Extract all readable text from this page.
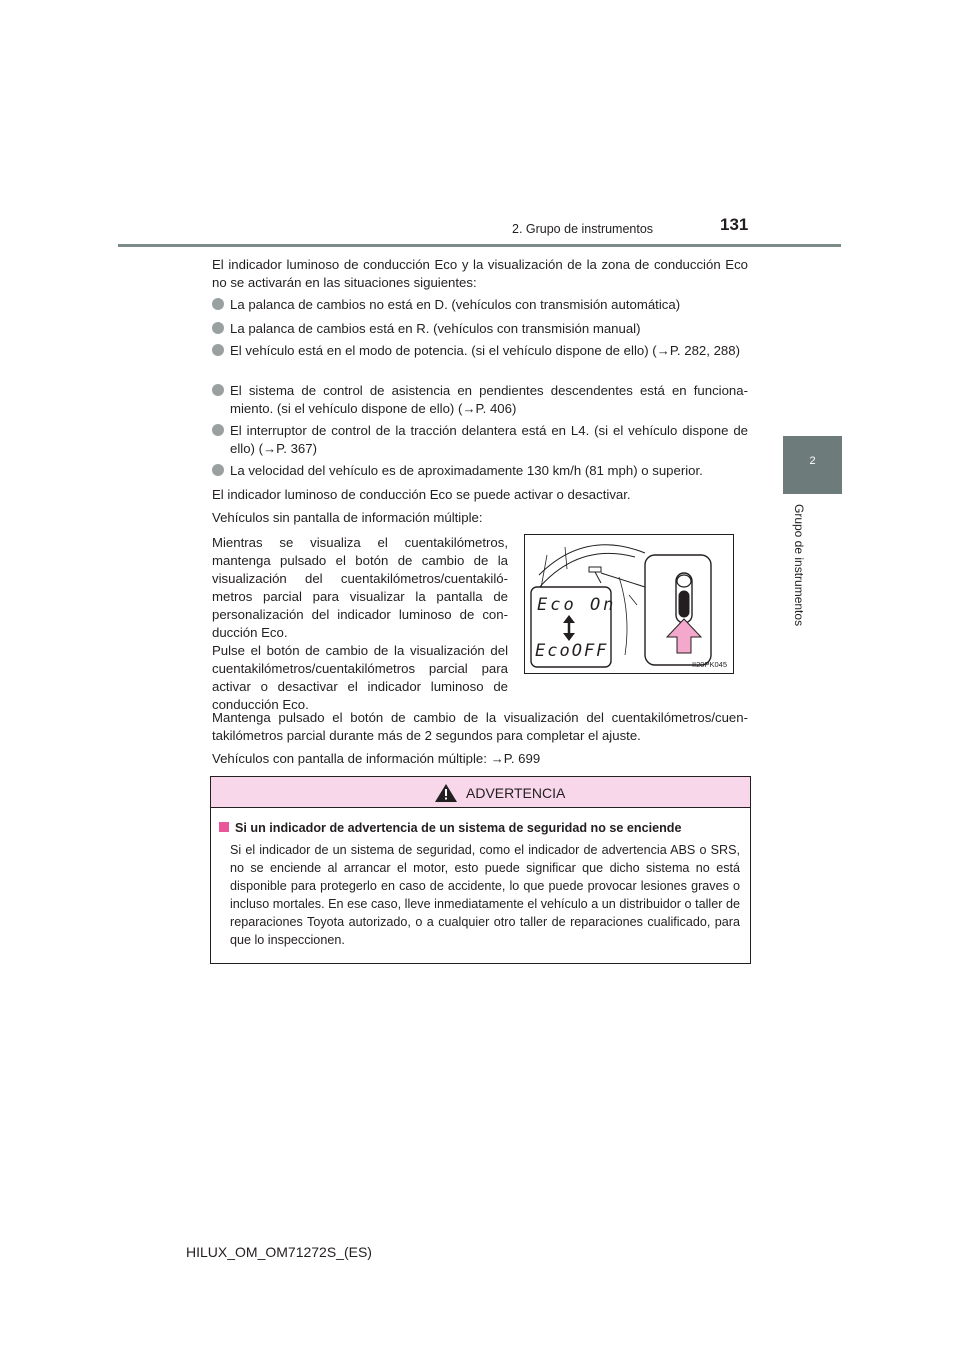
2. Grupo de instrumentos	131
2
Grupo de instrumentos
El indicador luminoso de conducción Eco y la visualización de la zona de conducción Eco no se activarán en las situaciones siguientes:
La palanca de cambios no está en D. (vehículos con transmisión automática)
La palanca de cambios está en R. (vehículos con transmisión manual)
El vehículo está en el modo de potencia. (si el vehículo dispone de ello) (→P. 282, 288)
El sistema de control de asistencia en pendientes descendentes está en funciona-miento. (si el vehículo dispone de ello) (→P. 406)
El interruptor de control de la tracción delantera está en L4. (si el vehículo dispone de ello) (→P. 367)
La velocidad del vehículo es de aproximadamente 130 km/h (81 mph) o superior.
El indicador luminoso de conducción Eco se puede activar o desactivar.
Vehículos sin pantalla de información múltiple:
Mientras se visualiza el cuentakilómetros, mantenga pulsado el botón de cambio de la visualización del cuentakilómetros/cuentakiló-metros parcial para visualizar la pantalla de personalización del indicador luminoso de con-ducción Eco.
Pulse el botón de cambio de la visualización del cuentakilómetros/cuentakilómetros parcial para activar o desactivar el indicador luminoso de conducción Eco.
Eco On
EcoOFF
II20PK045
Mantenga pulsado el botón de cambio de la visualización del cuentakilómetros/cuen-takilómetros parcial durante más de 2 segundos para completar el ajuste.
Vehículos con pantalla de información múltiple: →P. 699
ADVERTENCIA
Si un indicador de advertencia de un sistema de seguridad no se enciende
Si el indicador de un sistema de seguridad, como el indicador de advertencia ABS o SRS, no se enciende al arrancar el motor, esto puede significar que dicho sistema no está disponible para protegerlo en caso de accidente, lo que puede provocar lesiones graves o incluso mortales. En ese caso, lleve inmediatamente el vehículo a un distribuidor o taller de reparaciones Toyota autorizado, o a cualquier otro taller de reparaciones cualificado, para que lo inspeccionen.
HILUX_OM_OM71272S_(ES)
